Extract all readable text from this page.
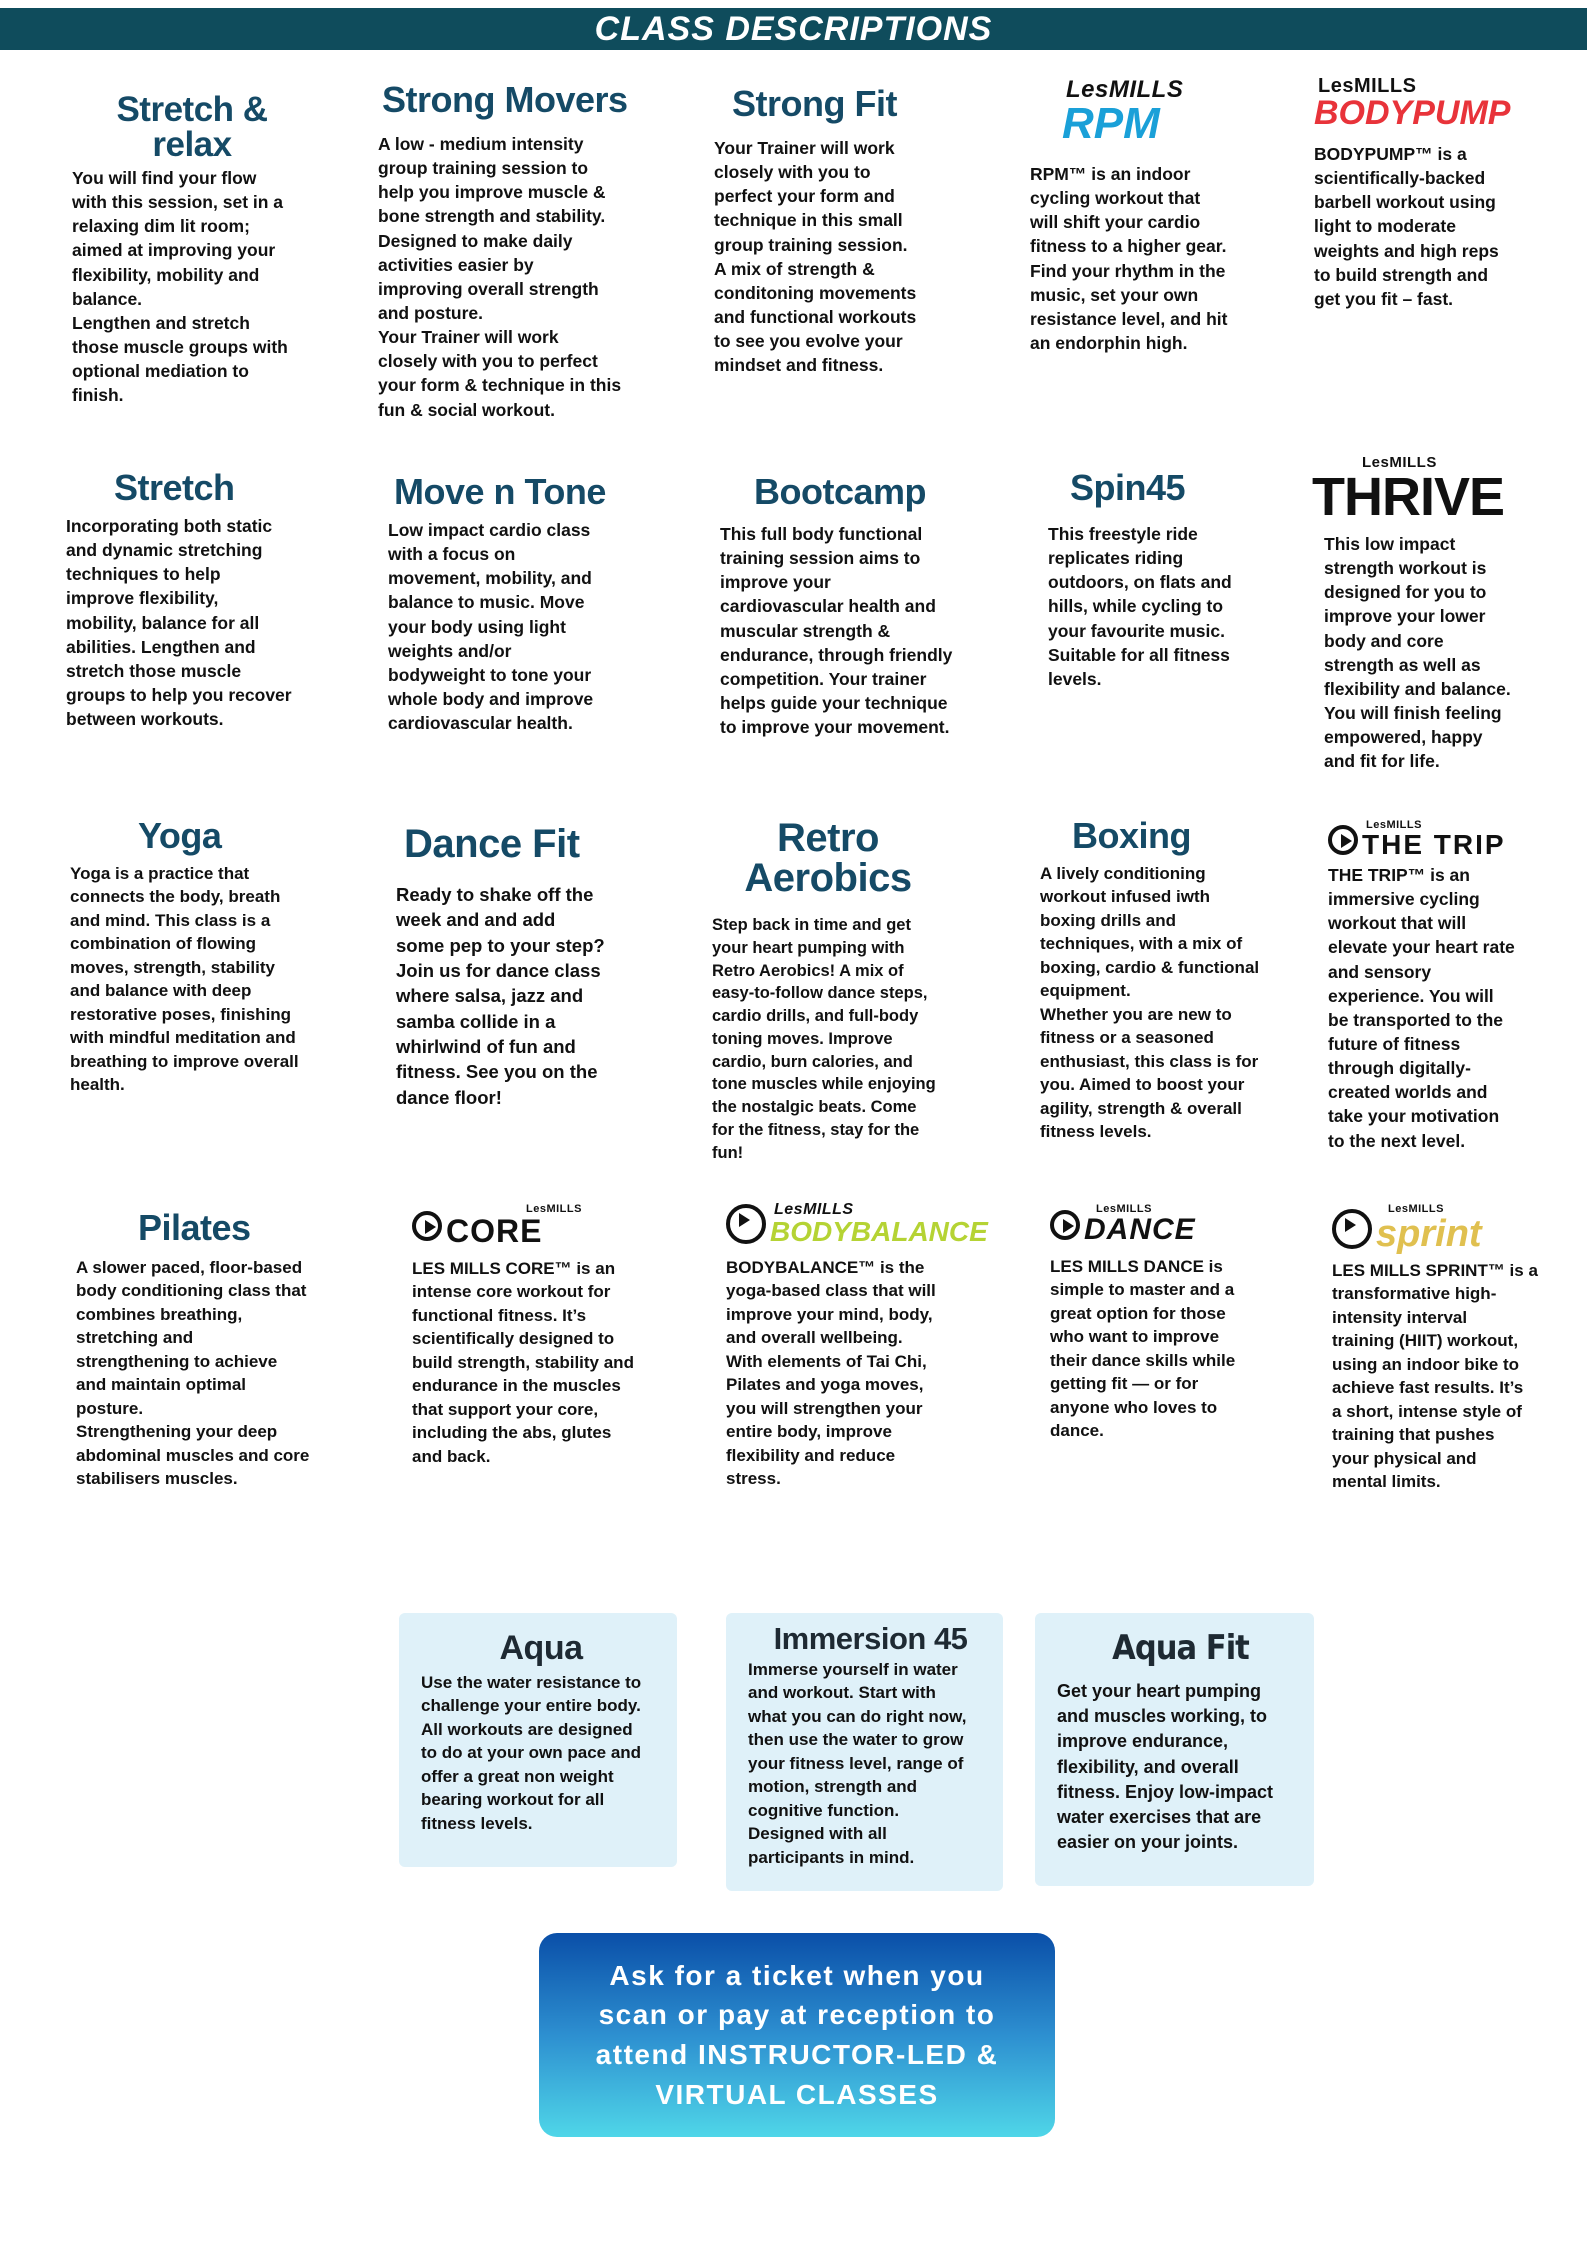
CLASS DESCRIPTIONS
Stretch &
relax

You will find your flow
with this session, set in a
relaxing dim lit room;
aimed at improving your
flexibility, mobility and
balance.
Lengthen and stretch
those muscle groups with
optional mediation to
finish.

Strong Movers

A low - medium intensity
group training session to
help you improve muscle &
bone strength and stability.
Designed to make daily
activities easier by
improving overall strength
and posture.
Your Trainer will work
closely with you to perfect
your form & technique in this
fun & social workout.

Strong Fit

Your Trainer will work
closely with you to
perfect your form and
technique in this small
group training session.
A mix of strength &
conditoning movements
and functional workouts
to see you evolve your
mindset and fitness.

LesMILLS
RPM

RPM™ is an indoor
cycling workout that
will shift your cardio
fitness to a higher gear.
Find your rhythm in the
music, set your own
resistance level, and hit
an endorphin high.

LesMILLS
BODYPUMP

BODYPUMP™ is a
scientifically-backed
barbell workout using
light to moderate
weights and high reps
to build strength and
get you fit – fast.

Stretch

Incorporating both static
and dynamic stretching
techniques to help
improve flexibility,
mobility, balance for all
abilities. Lengthen and
stretch those muscle
groups to help you recover
between workouts.

Move n Tone

Low impact cardio class
with a focus on
movement, mobility, and
balance to music. Move
your body using light
weights and/or
bodyweight to tone your
whole body and improve
cardiovascular health.

Bootcamp

This full body functional
training session aims to
improve your
cardiovascular health and
muscular strength &
endurance, through friendly
competition. Your trainer
helps guide your technique
to improve your movement.

Spin45

This freestyle ride
replicates riding
outdoors, on flats and
hills, while cycling to
your favourite music.
Suitable for all fitness
levels.

LesMILLS
THRIVE

This low impact
strength workout is
designed for you to
improve your lower
body and core
strength as well as
flexibility and balance.
You will finish feeling
empowered, happy
and fit for life.

Yoga

Yoga is a practice that
connects the body, breath
and mind. This class is a
combination of flowing
moves, strength, stability
and balance with deep
restorative poses, finishing
with mindful meditation and
breathing to improve overall
health.

Dance Fit

Ready to shake off the
week and and add
some pep to your step?
Join us for dance class
where salsa, jazz and
samba collide in a
whirlwind of fun and
fitness. See you on the
dance floor!

Retro
Aerobics

Step back in time and get
your heart pumping with
Retro Aerobics! A mix of
easy-to-follow dance steps,
cardio drills, and full-body
toning moves. Improve
cardio, burn calories, and
tone muscles while enjoying
the nostalgic beats. Come
for the fitness, stay for the
fun!

Boxing

A lively conditioning
workout infused iwth
boxing drills and
techniques, with a mix of
boxing, cardio & functional
equipment.
Whether you are new to
fitness or a seasoned
enthusiast, this class is for
you. Aimed to boost your
agility, strength & overall
fitness levels.

LesMILLS
THE TRIP

THE TRIP™ is an
immersive cycling
workout that will
elevate your heart rate
and sensory
experience. You will
be transported to the
future of fitness
through digitally-
created worlds and
take your motivation
to the next level.

Pilates

A slower paced, floor-based
body conditioning class that
combines breathing,
stretching and
strengthening to achieve
and maintain optimal
posture.
Strengthening your deep
abdominal muscles and core
stabilisers muscles.

LesMILLS
CORE

LES MILLS CORE™ is an
intense core workout for
functional fitness. It’s
scientifically designed to
build strength, stability and
endurance in the muscles
that support your core,
including the abs, glutes
and back.

LesMILLS
BODYBALANCE

BODYBALANCE™ is the
yoga-based class that will
improve your mind, body,
and overall wellbeing.
With elements of Tai Chi,
Pilates and yoga moves,
you will strengthen your
entire body, improve
flexibility and reduce
stress.

LesMILLS
DANCE

LES MILLS DANCE is
simple to master and a
great option for those
who want to improve
their dance skills while
getting fit — or for
anyone who loves to
dance.

LesMILLS
sprint

LES MILLS SPRINT™ is a
transformative high-
intensity interval
training (HIIT) workout,
using an indoor bike to
achieve fast results. It’s
a short, intense style of
training that pushes
your physical and
mental limits.

Aqua

Use the water resistance to
challenge your entire body.
All workouts are designed
to do at your own pace and
offer a great non weight
bearing workout for all
fitness levels.

Immersion 45

Immerse yourself in water
and workout. Start with
what you can do right now,
then use the water to grow
your fitness level, range of
motion, strength and
cognitive function.
Designed with all
participants in mind.

Aqua Fit

Get your heart pumping
and muscles working, to
improve endurance,
flexibility, and overall
fitness. Enjoy low-impact
water exercises that are
easier on your joints.

Ask for a ticket when you
scan or pay at reception to
attend INSTRUCTOR-LED &
VIRTUAL CLASSES
